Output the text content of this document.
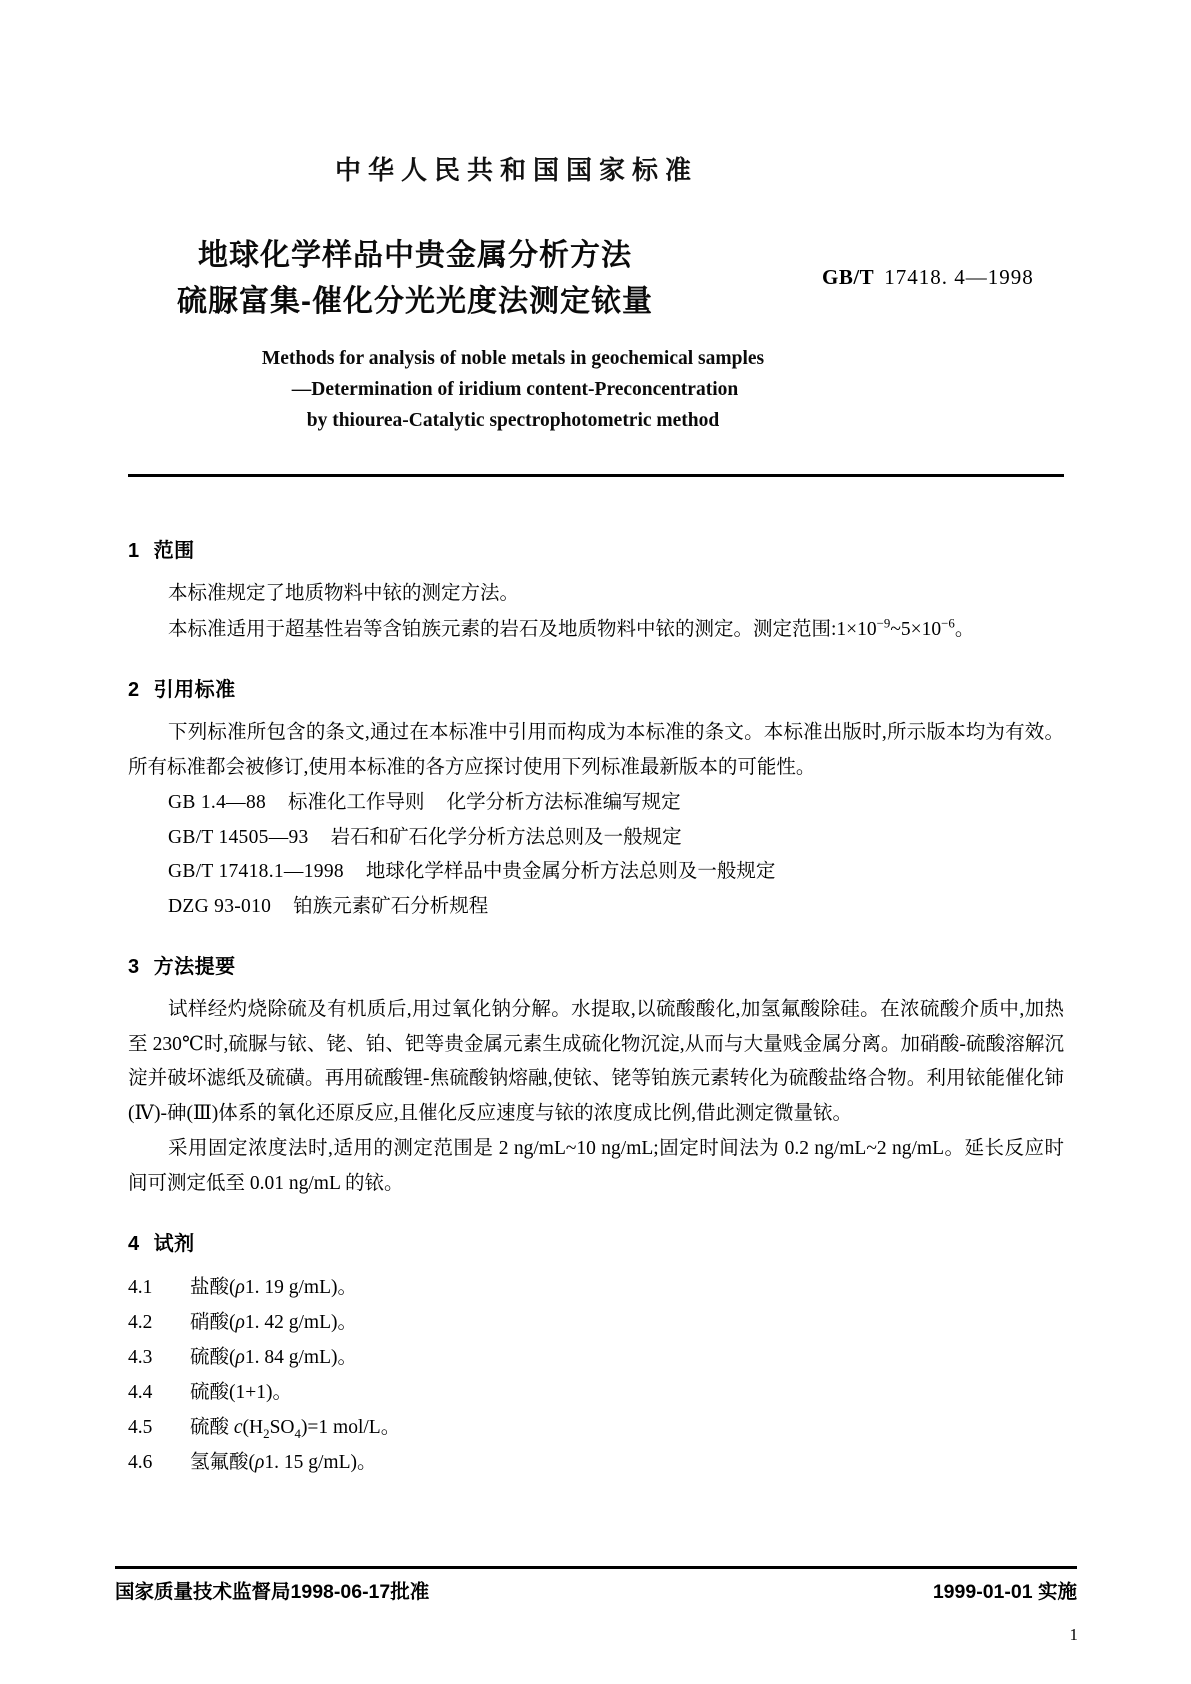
中华人民共和国国家标准
地球化学样品中贵金属分析方法
硫脲富集-催化分光光度法测定铱量
GB/T 17418. 4—1998
Methods for analysis of noble metals in geochemical samples
—Determination of iridium content-Preconcentration
by thiourea-Catalytic spectrophotometric method
1 范围

本标准规定了地质物料中铱的测定方法。

本标准适用于超基性岩等含铂族元素的岩石及地质物料中铱的测定。测定范围$:1\times 10^{-9}\sim 5\times 10^{-6}$。

2 引用标准

下列标准所包含的条文,通过在本标准中引用而构成为本标准的条文。本标准出版时,所示版本均为有效。所有标准都会被修订,使用本标准的各方应探讨使用下列标准最新版本的可能性。

GB 1.4—88 标准化工作导则 化学分析方法标准编写规定
GB/T 14505—93 岩石和矿石化学分析方法总则及一般规定
GB/T 17418.1—1998 地球化学样品中贵金属分析方法总则及一般规定
DZG 93-010 铂族元素矿石分析规程
3 方法提要

试样经灼烧除硫及有机质后,用过氧化钠分解。水提取,以硫酸酸化,加氢氟酸除硅。在浓硫酸介质中,加热至 230℃时,硫脲与铱、铑、铂、钯等贵金属元素生成硫化物沉淀,从而与大量贱金属分离。加硝酸-硫酸溶解沉淀并破坏滤纸及硫磺。再用硫酸锂-焦硫酸钠熔融,使铱、铑等铂族元素转化为硫酸盐络合物。利用铱能催化铈(Ⅳ)-砷(Ⅲ)体系的氧化还原反应,且催化反应速度与铱的浓度成比例,借此测定微量铱。

采用固定浓度法时,适用的测定范围是 2 ng/mL~10 ng/mL;固定时间法为 0.2 ng/mL~2 ng/mL。延长反应时间可测定低至 0.01 ng/mL 的铱。

4 试剂
4.1 盐酸(ρ1. 19 g/mL)。
4.2 硝酸(ρ1. 42 g/mL)。
4.3 硫酸(ρ1. 84 g/mL)。
4.4 硫酸(1+1)。
4.5 硫酸 $c(H_2SO_4)=1$ mol/L。
4.6 氢氟酸(ρ1. 15 g/mL)。
国家质量技术监督局1998-06-17批准	1999-01-01 实施
1
